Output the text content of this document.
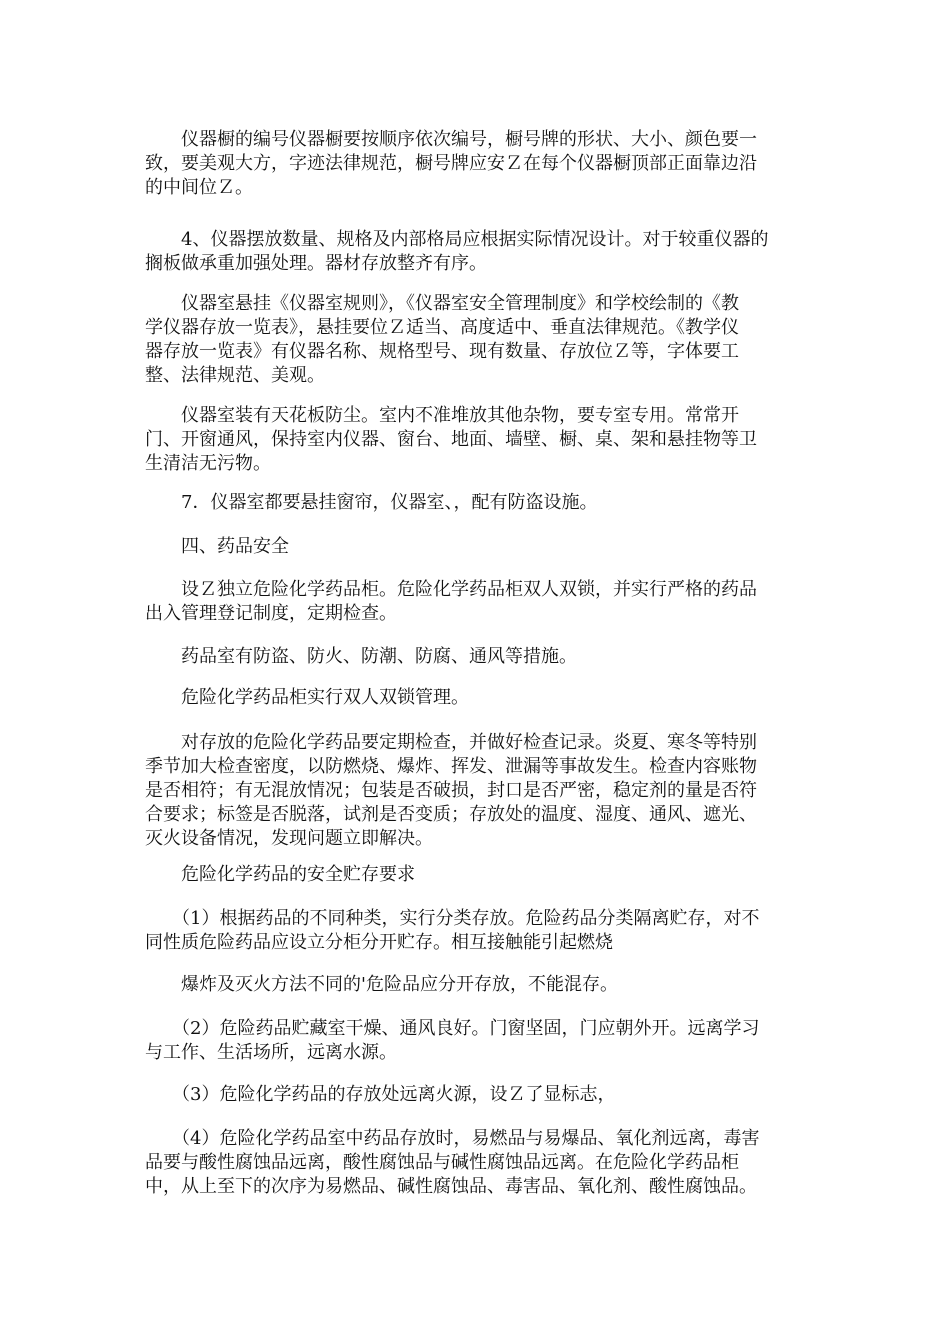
　　仪器橱的编号仪器橱要按顺序依次编号，橱号牌的形状、大小、颜色要一
致，要美观大方，字迹法律规范，橱号牌应安Ｚ在每个仪器橱顶部正面靠边沿
的中间位Ｚ。
　　4、仪器摆放数量、规格及内部格局应根据实际情况设计。对于较重仪器的
搁板做承重加强处理。器材存放整齐有序。
　　仪器室悬挂《仪器室规则》，《仪器室安全管理制度》和学校绘制的《教
学仪器存放一览表》，悬挂要位Ｚ适当、高度适中、垂直法律规范。《教学仪
器存放一览表》有仪器名称、规格型号、现有数量、存放位Ｚ等，字体要工
整、法律规范、美观。
　　仪器室装有天花板防尘。室内不准堆放其他杂物，要专室专用。常常开
门、开窗通风，保持室内仪器、窗台、地面、墙壁、橱、桌、架和悬挂物等卫
生清洁无污物。
　　7．仪器室都要悬挂窗帘，仪器室、，配有防盗设施。
　　四、药品安全
　　设Ｚ独立危险化学药品柜。危险化学药品柜双人双锁，并实行严格的药品
出入管理登记制度，定期检查。
　　药品室有防盗、防火、防潮、防腐、通风等措施。
　　危险化学药品柜实行双人双锁管理。
　　对存放的危险化学药品要定期检查，并做好检查记录。炎夏、寒冬等特别
季节加大检查密度，以防燃烧、爆炸、挥发、泄漏等事故发生。检查内容账物
是否相符；有无混放情况；包装是否破损，封口是否严密，稳定剂的量是否符
合要求；标签是否脱落，试剂是否变质；存放处的温度、湿度、通风、遮光、
灭火设备情况，发现问题立即解决。
　　危险化学药品的安全贮存要求
　　（1）根据药品的不同种类，实行分类存放。危险药品分类隔离贮存，对不
同性质危险药品应设立分柜分开贮存。相互接触能引起燃烧
　　爆炸及灭火方法不同的'危险品应分开存放，不能混存。
　　（2）危险药品贮藏室干燥、通风良好。门窗坚固，门应朝外开。远离学习
与工作、生活场所，远离水源。
　　（3）危险化学药品的存放处远离火源，设Ｚ了显标志，
　　（4）危险化学药品室中药品存放时，易燃品与易爆品、氧化剂远离，毒害
品要与酸性腐蚀品远离，酸性腐蚀品与碱性腐蚀品远离。在危险化学药品柜
中，从上至下的次序为易燃品、碱性腐蚀品、毒害品、氧化剂、酸性腐蚀品。
